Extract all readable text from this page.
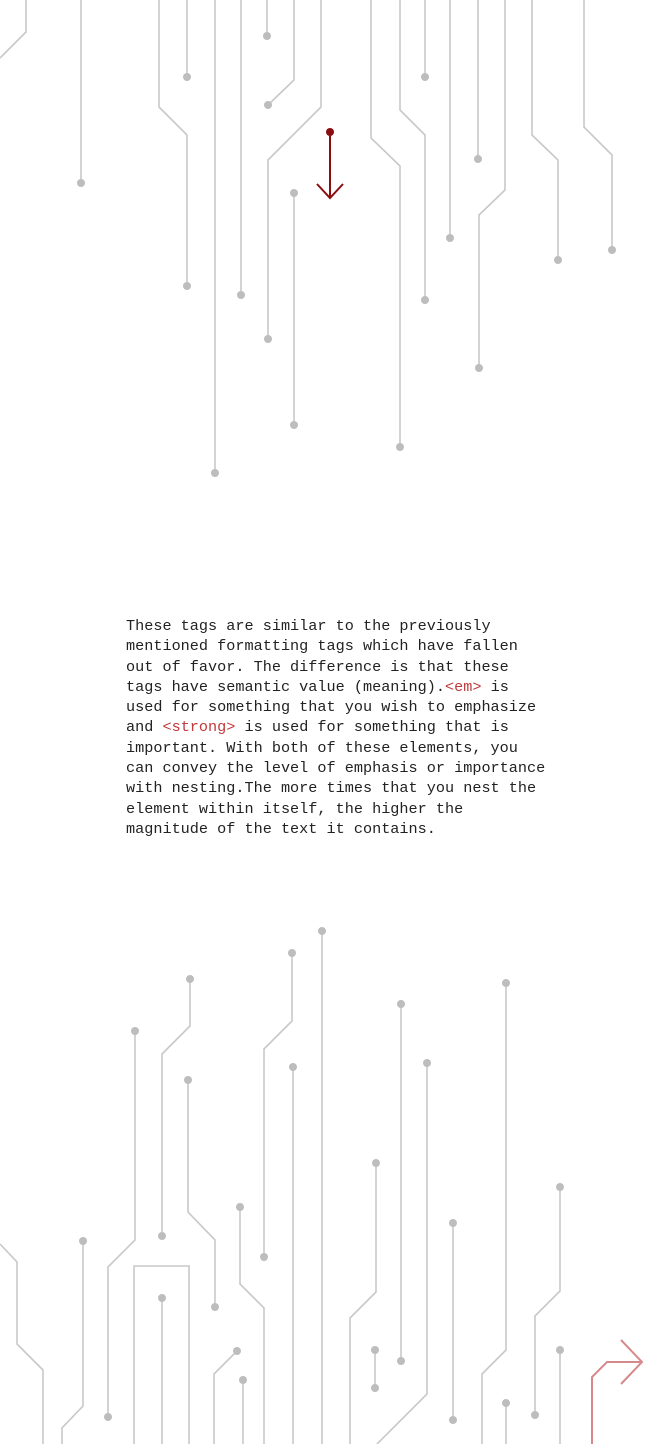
These tags are similar to the previously mentioned formatting tags which have fallen out of favor. The difference is that these tags have semantic value (meaning).<em> is used for something that you wish to emphasize and <strong> is used for something that is important. With both of these elements, you can convey the level of emphasis or importance with nesting.The more times that you nest the element within itself, the higher the magnitude of the text it contains.
